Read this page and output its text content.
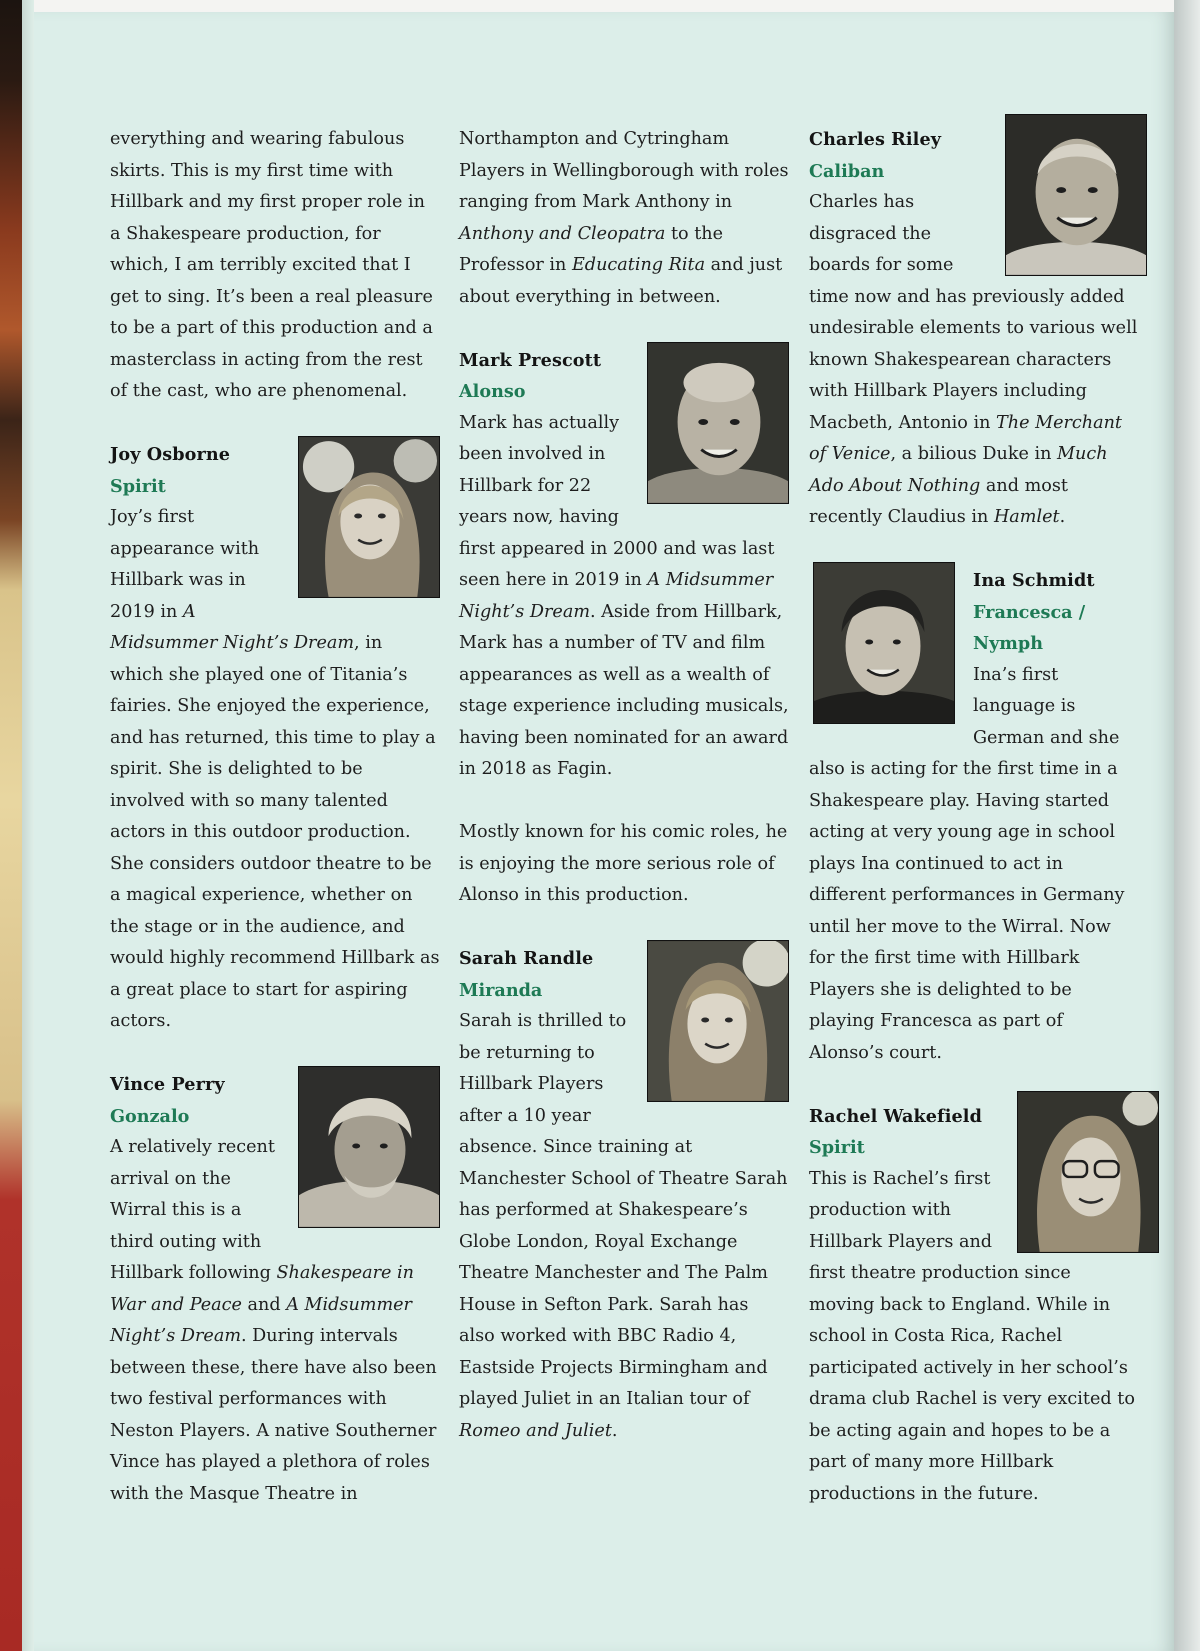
everything and wearing fabulous skirts. This is my first time with Hillbark and my first proper role in a Shakespeare production, for which, I am terribly excited that I get to sing. It’s been a real pleasure to be a part of this production and a masterclass in acting from the rest of the cast, who are phenomenal.

Joy Osborne

Spirit

Joy’s first appearance with Hillbark was in 2019 in A Midsummer Night’s Dream, in which she played one of Titania’s fairies. She enjoyed the experience, and has returned, this time to play a spirit. She is delighted to be involved with so many talented actors in this outdoor production. She considers outdoor theatre to be a magical experience, whether on the stage or in the audience, and would highly recommend Hillbark as a great place to start for aspiring actors.

Vince Perry

Gonzalo

A relatively recent arrival on the Wirral this is a third outing with Hillbark following Shakespeare in War and Peace and A Midsummer Night’s Dream. During intervals between these, there have also been two festival performances with Neston Players. A native Southerner Vince has played a plethora of roles with the Masque Theatre in

Northampton and Cytringham Players in Wellingborough with roles ranging from Mark Anthony in Anthony and Cleopatra to the Professor in Educating Rita and just about everything in between.

Mark Prescott

Alonso

Mark has actually been involved in Hillbark for 22 years now, having first appeared in 2000 and was last seen here in 2019 in A Midsummer Night’s Dream. Aside from Hillbark, Mark has a number of TV and film appearances as well as a wealth of stage experience including musicals, having been nominated for an award in 2018 as Fagin.

Mostly known for his comic roles, he is enjoying the more serious role of Alonso in this production.

Sarah Randle

Miranda

Sarah is thrilled to be returning to Hillbark Players after a 10 year absence. Since training at Manchester School of Theatre Sarah has performed at Shakespeare’s Globe London, Royal Exchange Theatre Manchester and The Palm House in Sefton Park. Sarah has also worked with BBC Radio 4, Eastside Projects Birmingham and played Juliet in an Italian tour of Romeo and Juliet.

Charles Riley

Caliban

Charles has disgraced the boards for some time now and has previously added undesirable elements to various well known Shakespearean characters with Hillbark Players including Macbeth, Antonio in The Merchant of Venice, a bilious Duke in Much Ado About Nothing and most recently Claudius in Hamlet.

Ina Schmidt

Francesca / Nymph

Ina’s first language is German and she also is acting for the first time in a Shakespeare play. Having started acting at very young age in school plays Ina continued to act in different performances in Germany until her move to the Wirral. Now for the first time with Hillbark Players she is delighted to be playing Francesca as part of Alonso’s court.

Rachel Wakefield

Spirit

This is Rachel’s first production with Hillbark Players and first theatre production since moving back to England. While in school in Costa Rica, Rachel participated actively in her school’s drama club Rachel is very excited to be acting again and hopes to be a part of many more Hillbark productions in the future.
